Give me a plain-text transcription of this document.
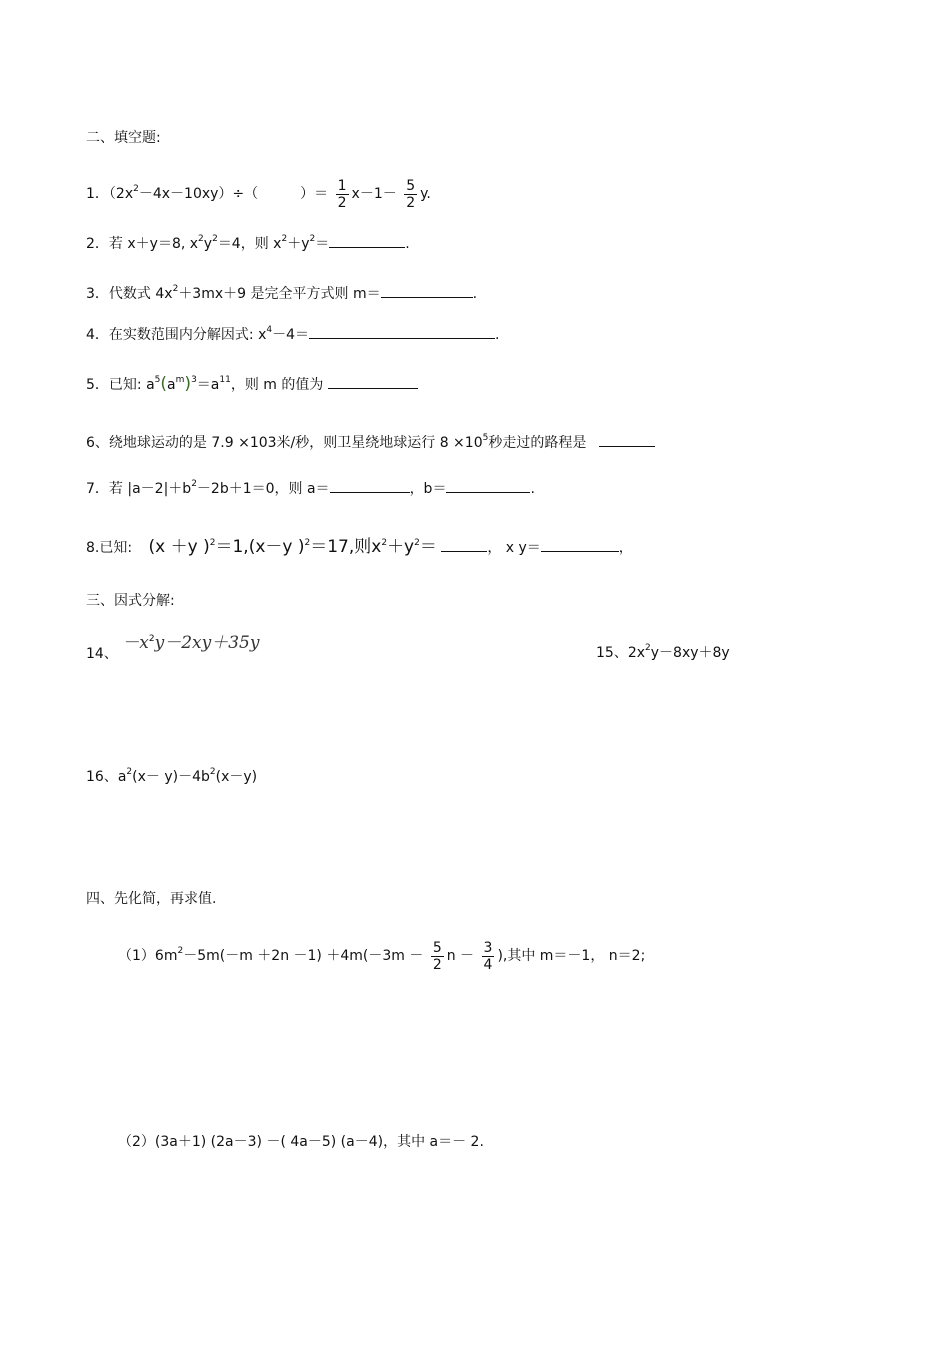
二、填空题:
1．$(2x^2-4x-10xy)\div$（	）＝ $\frac{1}{2} x-1- \frac{5}{2} y$.
2．若 x＋y＝8, $x^2y^2=4$，则 $x^2+y^2=$	.
3．代数式 $4x^2+3mx+9$ 是完全平方式则 m＝	.
4．在实数范围内分解因式: $x^4-4=$	.
5．已知: $a^5(a^m)^3=a^{11}$，则 m 的值为
6、绕地球运动的是 7.9 ×103米/秒，则卫星绕地球运行 $8 \times 10^5$秒走过的路程是
7．若 $|a-2|+b^2-2b+1=0$，则 a＝	，b＝	.
8.已知: (x ＋y )$^2$＝1,(x－y )$^2$＝17,则$x^2+y^2=$	， x y＝	，
三、因式分解:
14、 $-x^2y-2xy+35y$	15、$2x^2y-8xy+8y$
16、$a^2(x- y)-4b^2(x-y)$
四、先化简，再求值.
$(1)6m^2-5m(-m +2n -1) +4m(-3m - \frac{5}{2}$ $n - \frac{3}{4}$ ),其中 m＝－1， n＝2;
（2）(3a＋1) (2a－3) －( 4a－5) (a－4)，其中 a＝－ 2.
